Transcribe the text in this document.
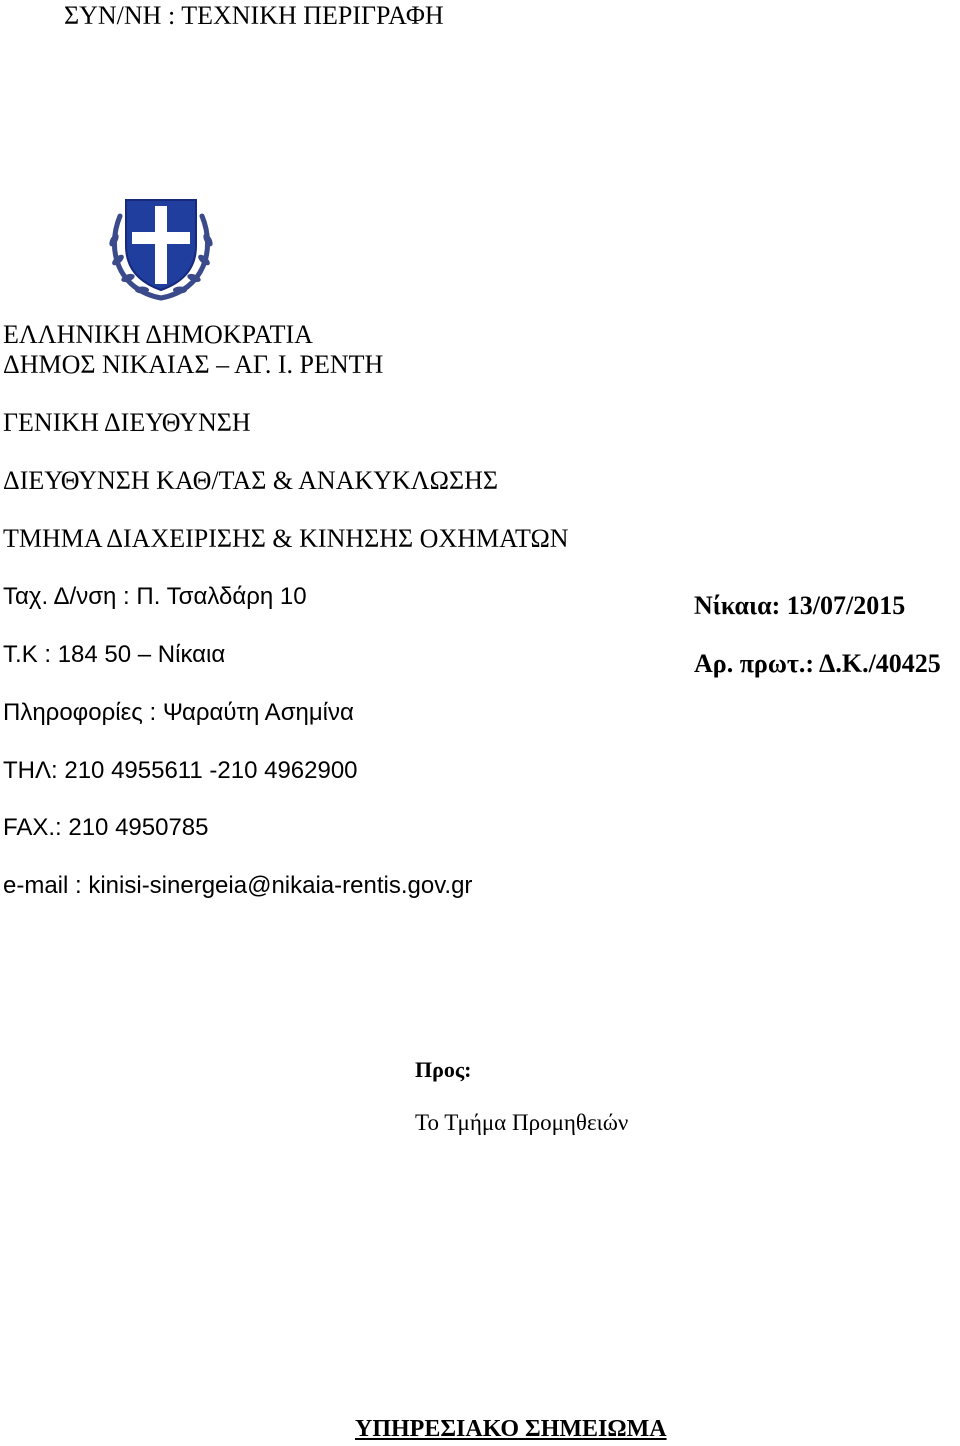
ΣΥΝ/ΝΗ : ΤΕΧΝΙΚΗ ΠΕΡΙΓΡΑΦΗ
ΕΛΛΗΝΙΚΗ ΔΗΜΟΚΡΑΤΙΑ
ΔΗΜΟΣ ΝΙΚΑΙΑΣ – ΑΓ. Ι. ΡΕΝΤΗ
ΓΕΝΙΚΗ ΔΙΕΥΘΥΝΣΗ
ΔΙΕΥΘΥΝΣΗ ΚΑΘ/ΤΑΣ & ΑΝΑΚΥΚΛΩΣΗΣ
ΤΜΗΜΑ ΔΙΑΧΕΙΡΙΣΗΣ & ΚΙΝΗΣΗΣ ΟΧΗΜΑΤΩΝ
Ταχ. Δ/νση : Π. Τσαλδάρη 10
Τ.Κ : 184 50 – Νίκαια
Πληροφορίες : Ψαραύτη Ασημίνα
ΤΗΛ: 210 4955611 -210 4962900
FAX.: 210 4950785
e-mail : kinisi-sinergeia@nikaia-rentis.gov.gr
Νίκαια: 13/07/2015
Αρ. πρωτ.: Δ.Κ./40425
Προς:
Το Τμήμα Προμηθειών
ΥΠΗΡΕΣΙΑΚΟ ΣΗΜΕΙΩΜΑ
